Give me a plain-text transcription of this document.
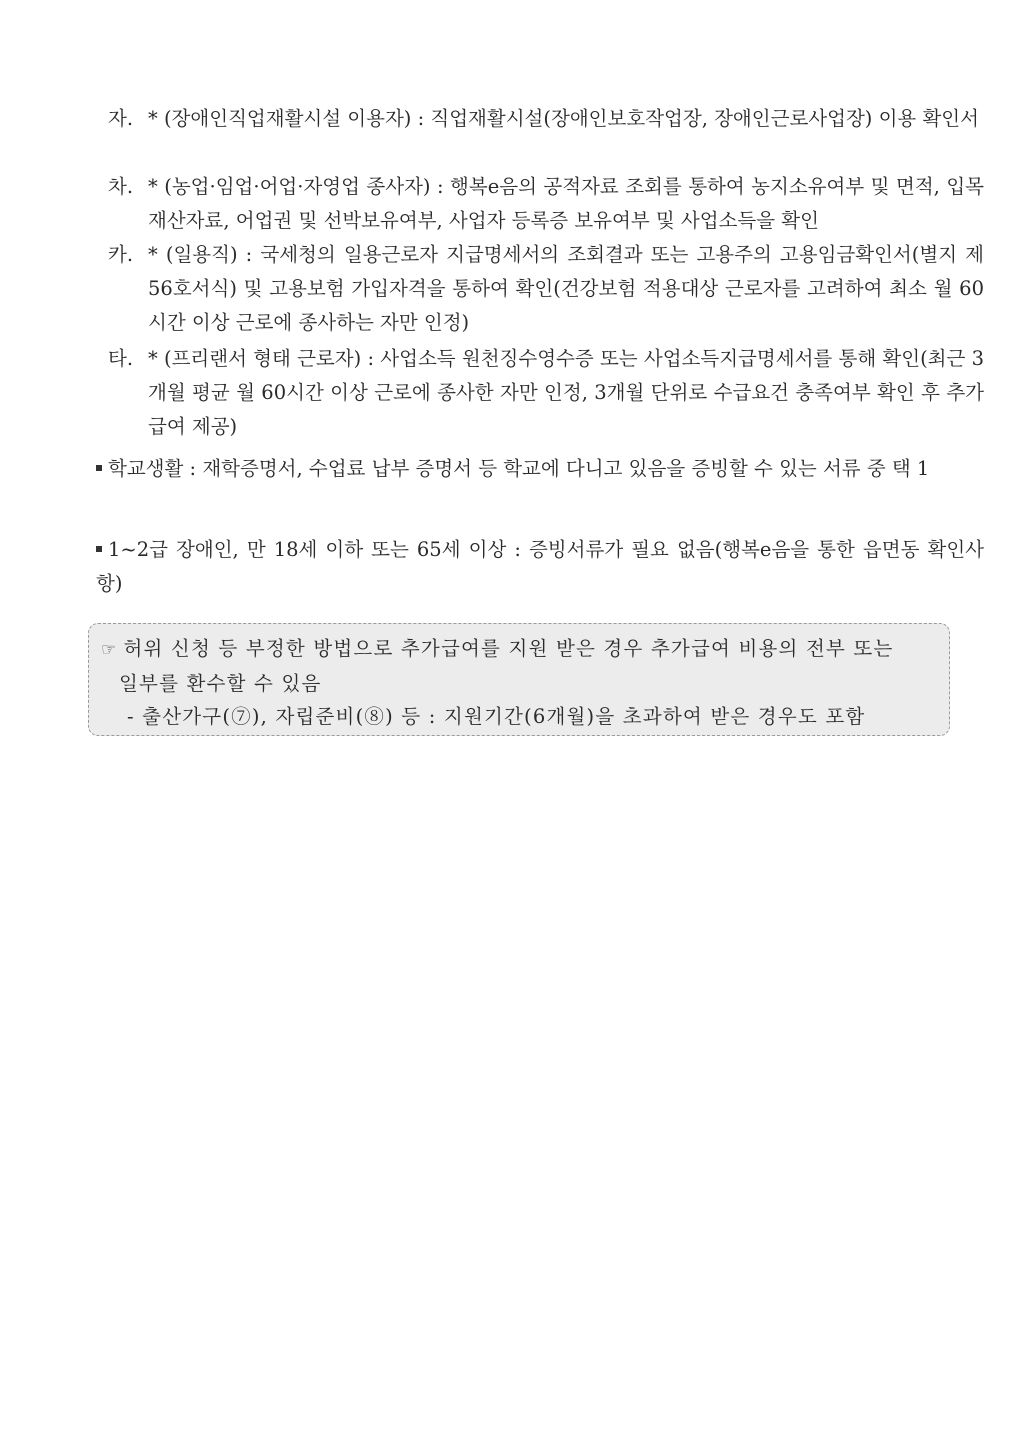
자. * (장애인직업재활시설 이용자) : 직업재활시설(장애인보호작업장, 장애인근로사업장) 이용 확인서
차. * (농업·임업·어업·자영업 종사자) : 행복e음의 공적자료 조회를 통하여 농지소유여부 및 면적, 입목재산자료, 어업권 및 선박보유여부, 사업자 등록증 보유여부 및 사업소득을 확인
카. * (일용직) : 국세청의 일용근로자 지급명세서의 조회결과 또는 고용주의 고용임금확인서(별지 제56호서식) 및 고용보험 가입자격을 통하여 확인(건강보험 적용대상 근로자를 고려하여 최소 월 60시간 이상 근로에 종사하는 자만 인정)
타. * (프리랜서 형태 근로자) : 사업소득 원천징수영수증 또는 사업소득지급명세서를 통해 확인(최근 3개월 평균 월 60시간 이상 근로에 종사한 자만 인정, 3개월 단위로 수급요건 충족여부 확인 후 추가급여 제공)
학교생활 : 재학증명서, 수업료 납부 증명서 등 학교에 다니고 있음을 증빙할 수 있는 서류 중 택 1
1~2급 장애인, 만 18세 이하 또는 65세 이상 : 증빙서류가 필요 없음(행복e음을 통한 읍면동 확인사항)
☞ 허위 신청 등 부정한 방법으로 추가급여를 지원 받은 경우 추가급여 비용의 전부 또는
일부를 환수할 수 있음
- 출산가구(⑦), 자립준비(⑧) 등 : 지원기간(6개월)을 초과하여 받은 경우도 포함
